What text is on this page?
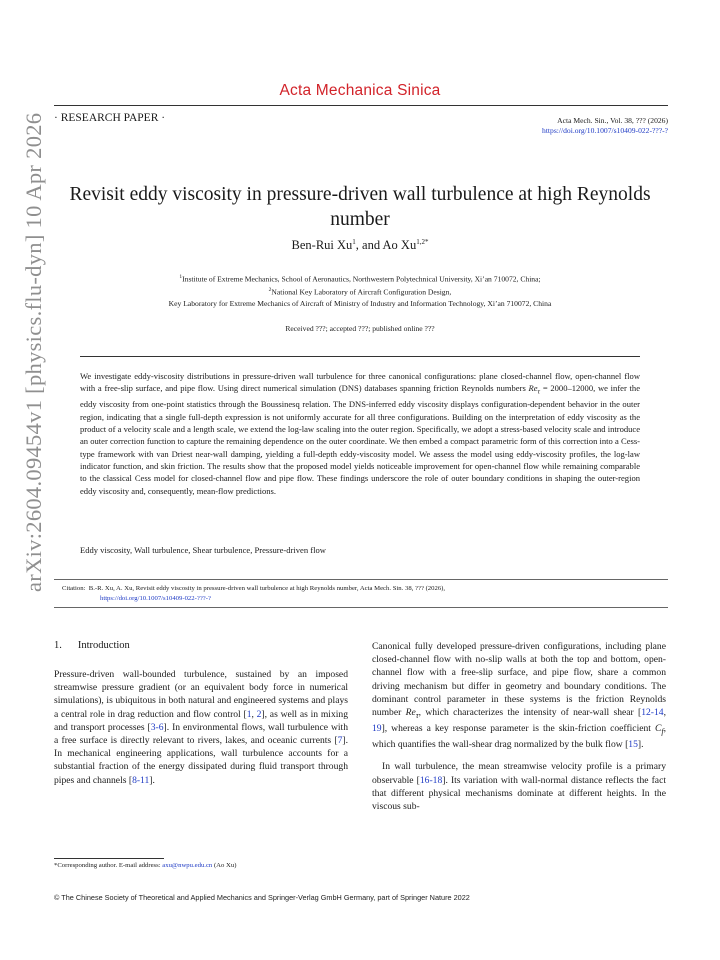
Acta Mechanica Sinica
· RESEARCH PAPER ·	Acta Mech. Sin., Vol. 38, ??? (2026)
https://doi.org/10.1007/s10409-022-???-?
arXiv:2604.09454v1 [physics.flu-dyn] 10 Apr 2026	Revisit eddy viscosity in pressure-driven wall turbulence at high Reynolds number
Ben-Rui Xu$^1$, and Ao $Xu^{1,2*}$
$^1$Institute of Extreme Mechanics, School of Aeronautics, Northwestern Polytechnical University, Xi’an 710072, China;
$^2$National Key Laboratory of Aircraft Configuration Design,
Key Laboratory for Extreme Mechanics of Aircraft of Ministry of Industry and Information Technology, Xi’an 710072, China
Received ???; accepted ???; published online ???
We investigate eddy-viscosity distributions in pressure-driven wall turbulence for three canonical configurations: plane closed-channel flow, open-channel flow with a free-slip surface, and pipe flow. Using direct numerical simulation (DNS) databases spanning friction Reynolds numbers $Re_\tau = 2000-12000$, we infer the eddy viscosity from one-point statistics through the Boussinesq relation. The DNS-inferred eddy viscosity displays configuration-dependent behavior in the outer region, indicating that a single full-depth expression is not uniformly accurate for all three configurations. Building on the interpretation of eddy viscosity as the product of a velocity scale and a length scale, we extend the log-law scaling into the outer region. Specifically, we adopt a stress-based velocity scale and introduce an outer correction function to capture the remaining dependence on the outer coordinate. We then embed a compact parametric form of this correction into a Cess-type framework with van Driest near-wall damping, yielding a full-depth eddy-viscosity model. We assess the model using eddy-viscosity profiles, the log-law indicator function, and skin friction. The results show that the proposed model yields noticeable improvement for open-channel flow while remaining comparable to the classical Cess model for closed-channel flow and pipe flow. These findings underscore the role of outer boundary conditions in shaping the outer-region eddy viscosity and, consequently, mean-flow predictions.
Eddy viscosity, Wall turbulence, Shear turbulence, Pressure-driven flow
Citation: B.-R. Xu, A. Xu, Revisit eddy viscosity in pressure-driven wall turbulence at high Reynolds number, Acta Mech. Sin. 38, ??? (2026),
https://doi.org/10.1007/s10409-022-???-?
1. Introduction

Pressure-driven wall-bounded turbulence, sustained by an imposed streamwise pressure gradient (or an equivalent body force in numerical simulations), is ubiquitous in both natural and engineered systems and plays a central role in drag reduction and flow control [1, 2], as well as in mixing and transport processes [3-6]. In environmental flows, wall turbulence with a free surface is directly relevant to rivers, lakes, and oceanic currents [7]. In mechanical engineering applications, wall turbulence accounts for a substantial fraction of the energy dissipated during fluid transport through pipes and channels [8-11].

Canonical fully developed pressure-driven configurations, including plane closed-channel flow with no-slip walls at both the top and bottom, open-channel flow with a free-slip surface, and pipe flow, share a common driving mechanism but differ in geometry and boundary conditions. The dominant control parameter in these systems is the friction Reynolds number $Re_\tau$, which characterizes the intensity of near-wall shear [12-14, 19], whereas a key response parameter is the skin-friction coefficient $C_f$, which quantifies the wall-shear drag normalized by the bulk flow [15].

In wall turbulence, the mean streamwise velocity profile is a primary observable [16-18]. Its variation with wall-normal distance reflects the fact that different physical mechanisms dominate at different heights. In the viscous sub-

*Corresponding author. E-mail address: axu@nwpu.edu.cn (Ao Xu)
© The Chinese Society of Theoretical and Applied Mechanics and Springer-Verlag GmbH Germany, part of Springer Nature 2022
